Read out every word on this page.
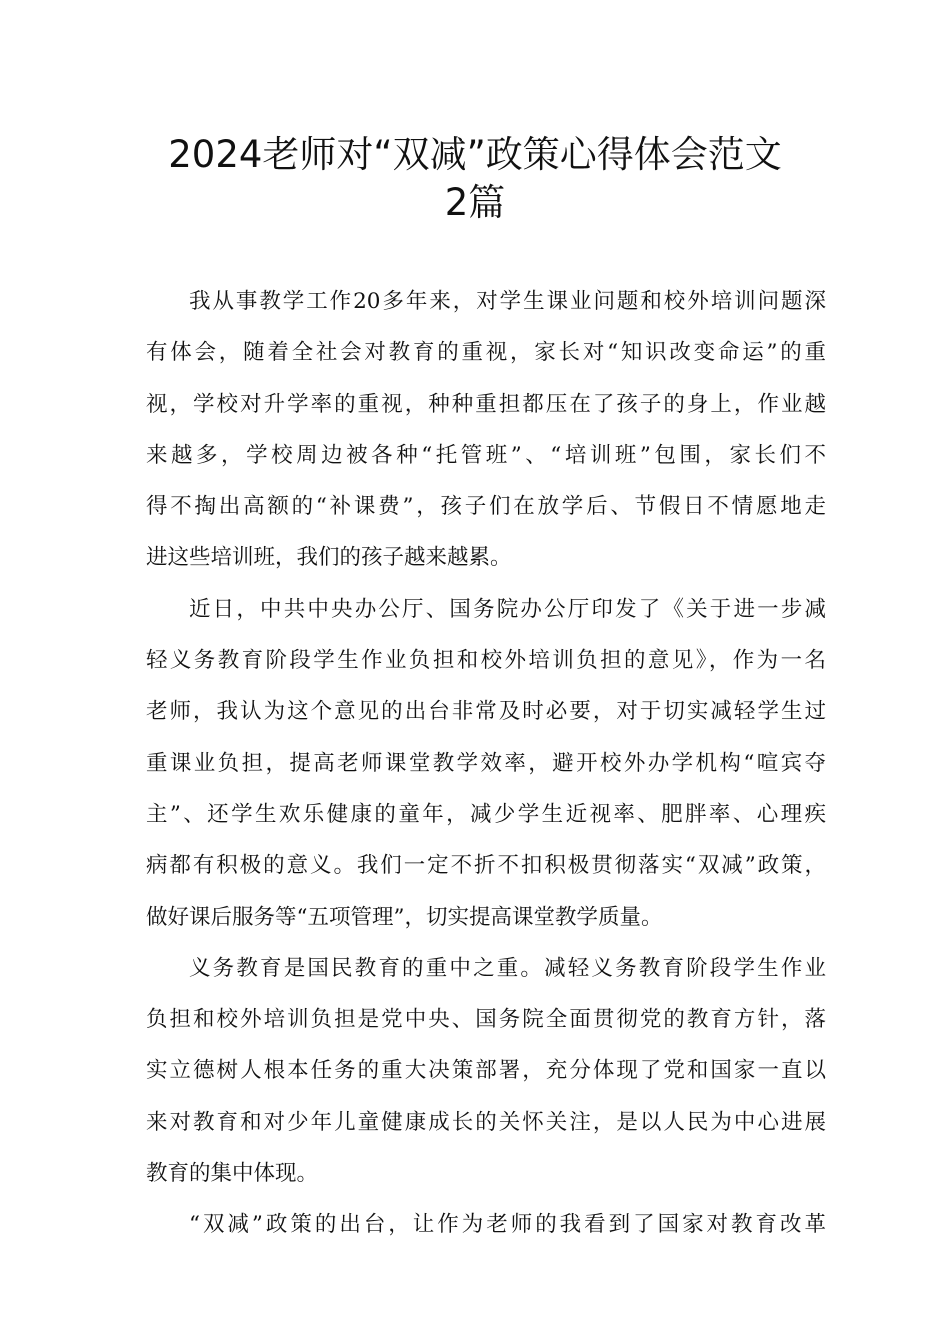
2024老师对“双减”政策心得体会范文
2篇
我从事教学工作20多年来，对学生课业问题和校外培训问题深
有体会，随着全社会对教育的重视，家长对“知识改变命运”的重
视，学校对升学率的重视，种种重担都压在了孩子的身上，作业越
来越多，学校周边被各种“托管班”、“培训班”包围，家长们不
得不掏出高额的“补课费”，孩子们在放学后、节假日不情愿地走
进这些培训班，我们的孩子越来越累。
近日，中共中央办公厅、国务院办公厅印发了《关于进一步减
轻义务教育阶段学生作业负担和校外培训负担的意见》，作为一名
老师，我认为这个意见的出台非常及时必要，对于切实减轻学生过
重课业负担，提高老师课堂教学效率，避开校外办学机构“喧宾夺
主”、还学生欢乐健康的童年，减少学生近视率、肥胖率、心理疾
病都有积极的意义。我们一定不折不扣积极贯彻落实“双减”政策，
做好课后服务等“五项管理”，切实提高课堂教学质量。
义务教育是国民教育的重中之重。减轻义务教育阶段学生作业
负担和校外培训负担是党中央、国务院全面贯彻党的教育方针，落
实立德树人根本任务的重大决策部署，充分体现了党和国家一直以
来对教育和对少年儿童健康成长的关怀关注，是以人民为中心进展
教育的集中体现。
“双减”政策的出台，让作为老师的我看到了国家对教育改革
